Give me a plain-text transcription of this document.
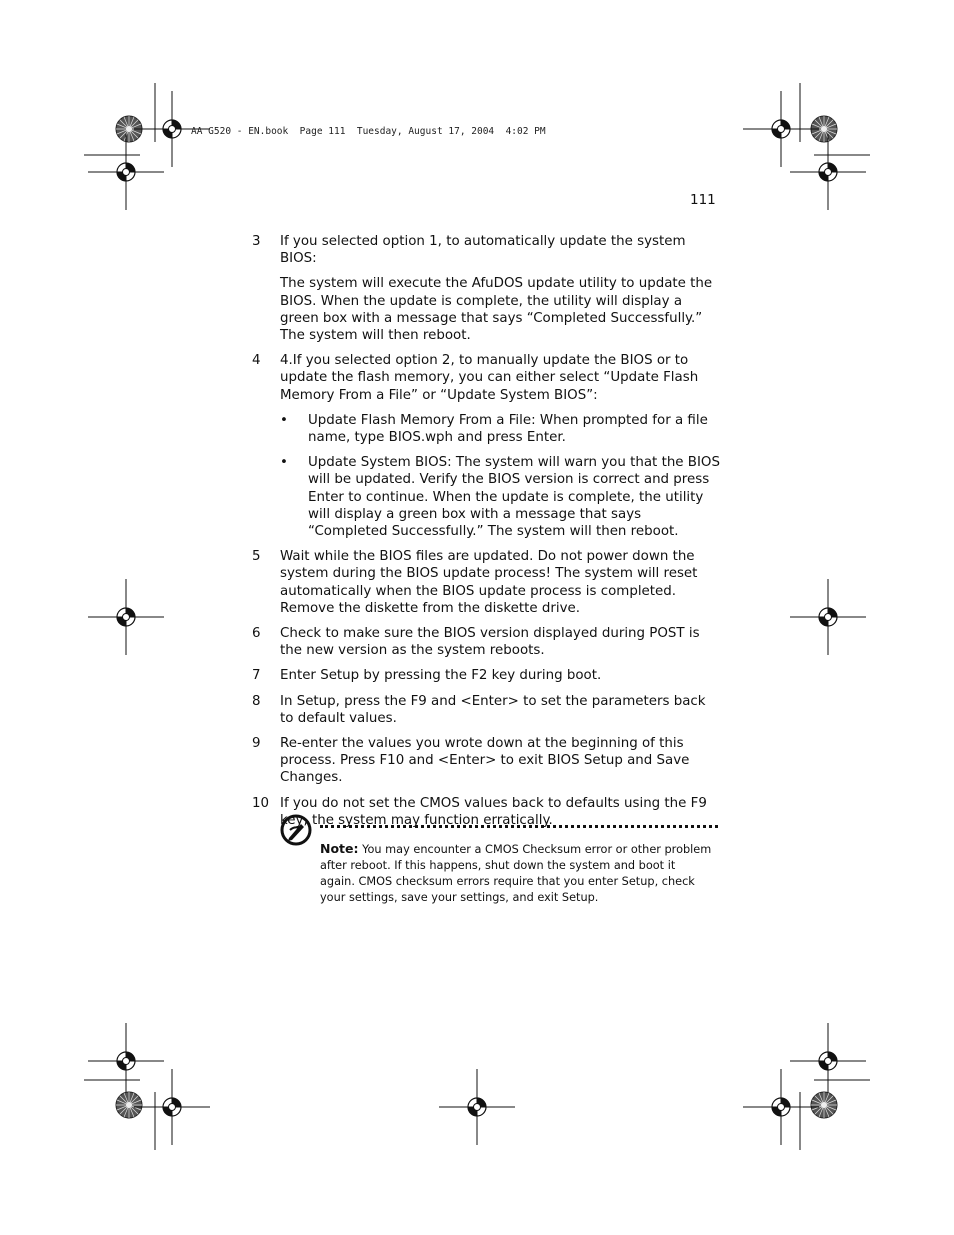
AA G520 - EN.book  Page 111  Tuesday, August 17, 2004  4:02 PM
111
3 If you selected option 1, to automatically update the system BIOS:

The system will execute the AfuDOS update utility to update the BIOS. When the update is complete, the utility will display a green box with a message that says “Completed Successfully.” The system will then reboot.

4 4.If you selected option 2, to manually update the BIOS or to update the flash memory, you can either select “Update Flash Memory From a File” or “Update System BIOS”:

• Update Flash Memory From a File: When prompted for a file name, type BIOS.wph and press Enter.
• Update System BIOS: The system will warn you that the BIOS will be updated. Verify the BIOS version is correct and press Enter to continue. When the update is complete, the utility will display a green box with a message that says “Completed Successfully.” The system will then reboot.
5 Wait while the BIOS files are updated. Do not power down the system during the BIOS update process! The system will reset automatically when the BIOS update process is completed. Remove the diskette from the diskette drive.

6 Check to make sure the BIOS version displayed during POST is the new version as the system reboots.

7 Enter Setup by pressing the F2 key during boot.

8 In Setup, press the F9 and <Enter> to set the parameters back to default values.

9 Re-enter the values you wrote down at the beginning of this process. Press F10 and <Enter> to exit BIOS Setup and Save Changes.

10 If you do not set the CMOS values back to defaults using the F9 key, the system may function erratically.

Note: You may encounter a CMOS Checksum error or other problem after reboot. If this happens, shut down the system and boot it again. CMOS checksum errors require that you enter Setup, check your settings, save your settings, and exit Setup.
